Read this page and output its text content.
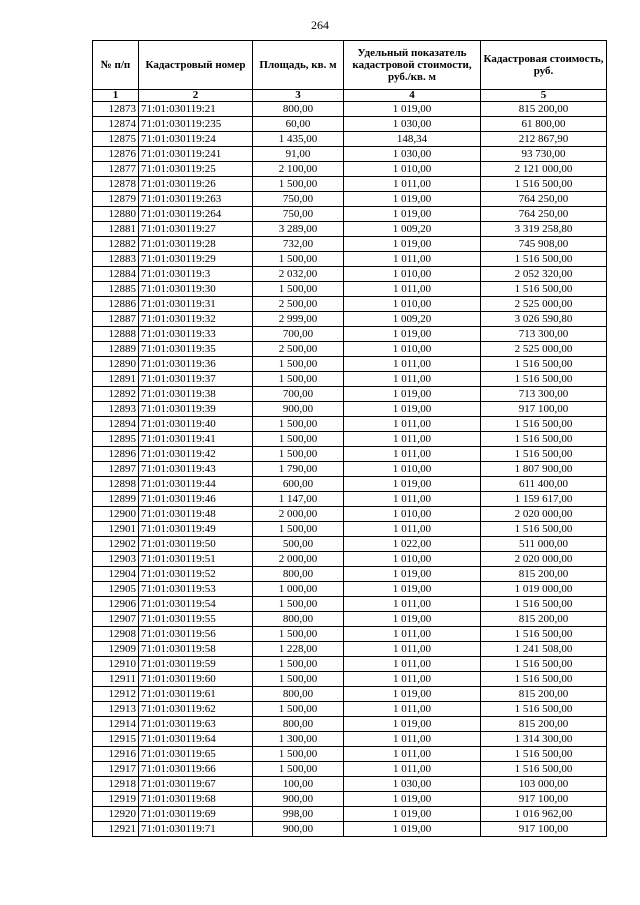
264
№ п/п	Кадастровый номер	Площадь, кв. м	Удельный показатель кадастровой стоимости, руб./кв. м	Кадастровая стоимость, руб.
1	2	3	4	5
12873	71:01:030119:21	800,00	1 019,00	815 200,00
12874	71:01:030119:235	60,00	1 030,00	61 800,00
12875	71:01:030119:24	1 435,00	148,34	212 867,90
12876	71:01:030119:241	91,00	1 030,00	93 730,00
12877	71:01:030119:25	2 100,00	1 010,00	2 121 000,00
12878	71:01:030119:26	1 500,00	1 011,00	1 516 500,00
12879	71:01:030119:263	750,00	1 019,00	764 250,00
12880	71:01:030119:264	750,00	1 019,00	764 250,00
12881	71:01:030119:27	3 289,00	1 009,20	3 319 258,80
12882	71:01:030119:28	732,00	1 019,00	745 908,00
12883	71:01:030119:29	1 500,00	1 011,00	1 516 500,00
12884	71:01:030119:3	2 032,00	1 010,00	2 052 320,00
12885	71:01:030119:30	1 500,00	1 011,00	1 516 500,00
12886	71:01:030119:31	2 500,00	1 010,00	2 525 000,00
12887	71:01:030119:32	2 999,00	1 009,20	3 026 590,80
12888	71:01:030119:33	700,00	1 019,00	713 300,00
12889	71:01:030119:35	2 500,00	1 010,00	2 525 000,00
12890	71:01:030119:36	1 500,00	1 011,00	1 516 500,00
12891	71:01:030119:37	1 500,00	1 011,00	1 516 500,00
12892	71:01:030119:38	700,00	1 019,00	713 300,00
12893	71:01:030119:39	900,00	1 019,00	917 100,00
12894	71:01:030119:40	1 500,00	1 011,00	1 516 500,00
12895	71:01:030119:41	1 500,00	1 011,00	1 516 500,00
12896	71:01:030119:42	1 500,00	1 011,00	1 516 500,00
12897	71:01:030119:43	1 790,00	1 010,00	1 807 900,00
12898	71:01:030119:44	600,00	1 019,00	611 400,00
12899	71:01:030119:46	1 147,00	1 011,00	1 159 617,00
12900	71:01:030119:48	2 000,00	1 010,00	2 020 000,00
12901	71:01:030119:49	1 500,00	1 011,00	1 516 500,00
12902	71:01:030119:50	500,00	1 022,00	511 000,00
12903	71:01:030119:51	2 000,00	1 010,00	2 020 000,00
12904	71:01:030119:52	800,00	1 019,00	815 200,00
12905	71:01:030119:53	1 000,00	1 019,00	1 019 000,00
12906	71:01:030119:54	1 500,00	1 011,00	1 516 500,00
12907	71:01:030119:55	800,00	1 019,00	815 200,00
12908	71:01:030119:56	1 500,00	1 011,00	1 516 500,00
12909	71:01:030119:58	1 228,00	1 011,00	1 241 508,00
12910	71:01:030119:59	1 500,00	1 011,00	1 516 500,00
12911	71:01:030119:60	1 500,00	1 011,00	1 516 500,00
12912	71:01:030119:61	800,00	1 019,00	815 200,00
12913	71:01:030119:62	1 500,00	1 011,00	1 516 500,00
12914	71:01:030119:63	800,00	1 019,00	815 200,00
12915	71:01:030119:64	1 300,00	1 011,00	1 314 300,00
12916	71:01:030119:65	1 500,00	1 011,00	1 516 500,00
12917	71:01:030119:66	1 500,00	1 011,00	1 516 500,00
12918	71:01:030119:67	100,00	1 030,00	103 000,00
12919	71:01:030119:68	900,00	1 019,00	917 100,00
12920	71:01:030119:69	998,00	1 019,00	1 016 962,00
12921	71:01:030119:71	900,00	1 019,00	917 100,00
